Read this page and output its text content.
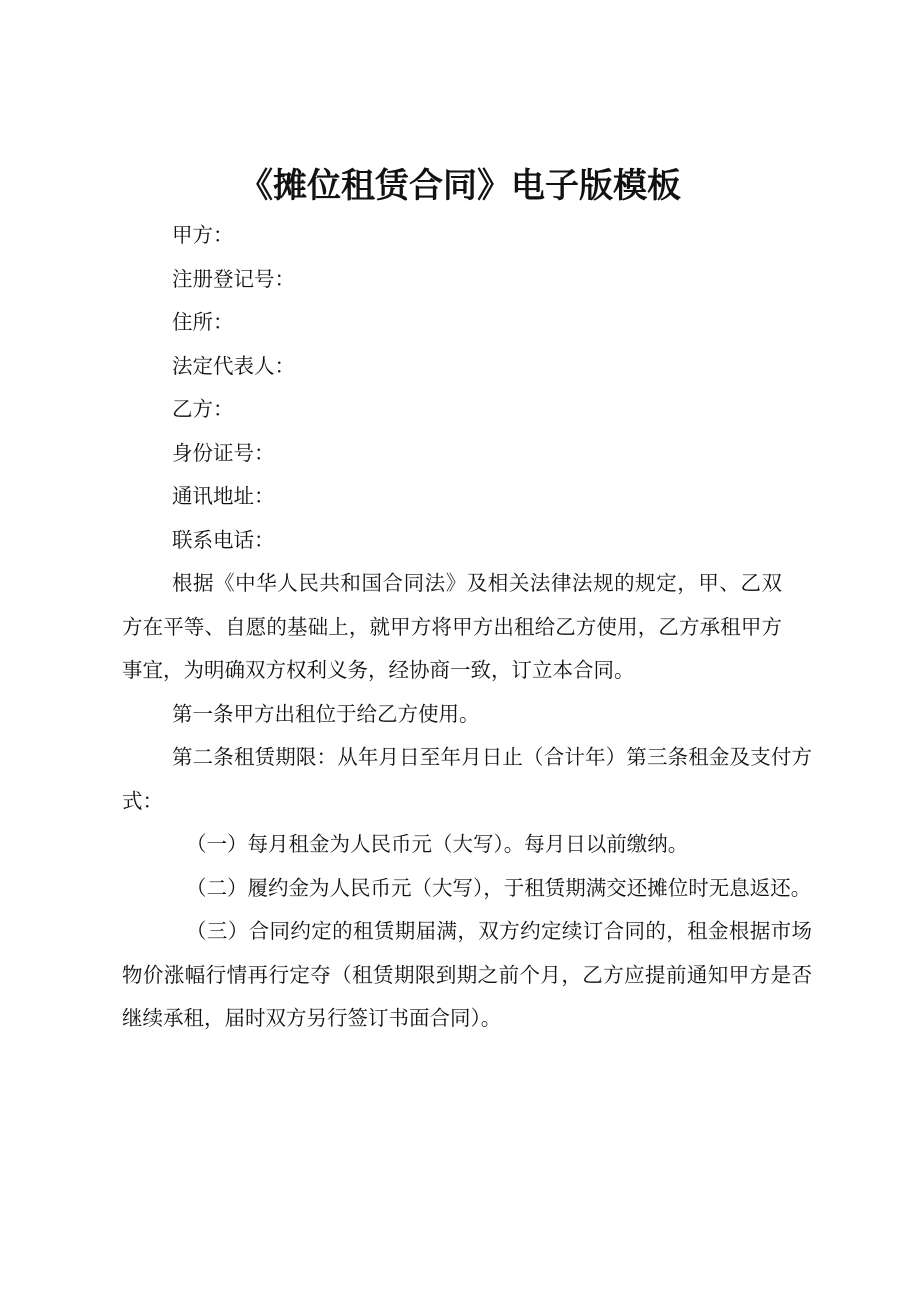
《摊位租赁合同》电子版模板

甲方：

注册登记号：

住所：

法定代表人：

乙方：

身份证号：

通讯地址：

联系电话：

根据《中华人民共和国合同法》及相关法律法规的规定，甲、乙双方在平等、自愿的基础上，就甲方将甲方出租给乙方使用，乙方承租甲方事宜，为明确双方权利义务，经协商一致，订立本合同。

第一条甲方出租位于给乙方使用。

第二条租赁期限：从年月日至年月日止（合计年）第三条租金及支付方式：

（一）每月租金为人民币元（大写）。每月日以前缴纳。

（二）履约金为人民币元（大写），于租赁期满交还摊位时无息返还。

（三）合同约定的租赁期届满，双方约定续订合同的，租金根据市场物价涨幅行情再行定夺（租赁期限到期之前个月，乙方应提前通知甲方是否继续承租，届时双方另行签订书面合同）。
